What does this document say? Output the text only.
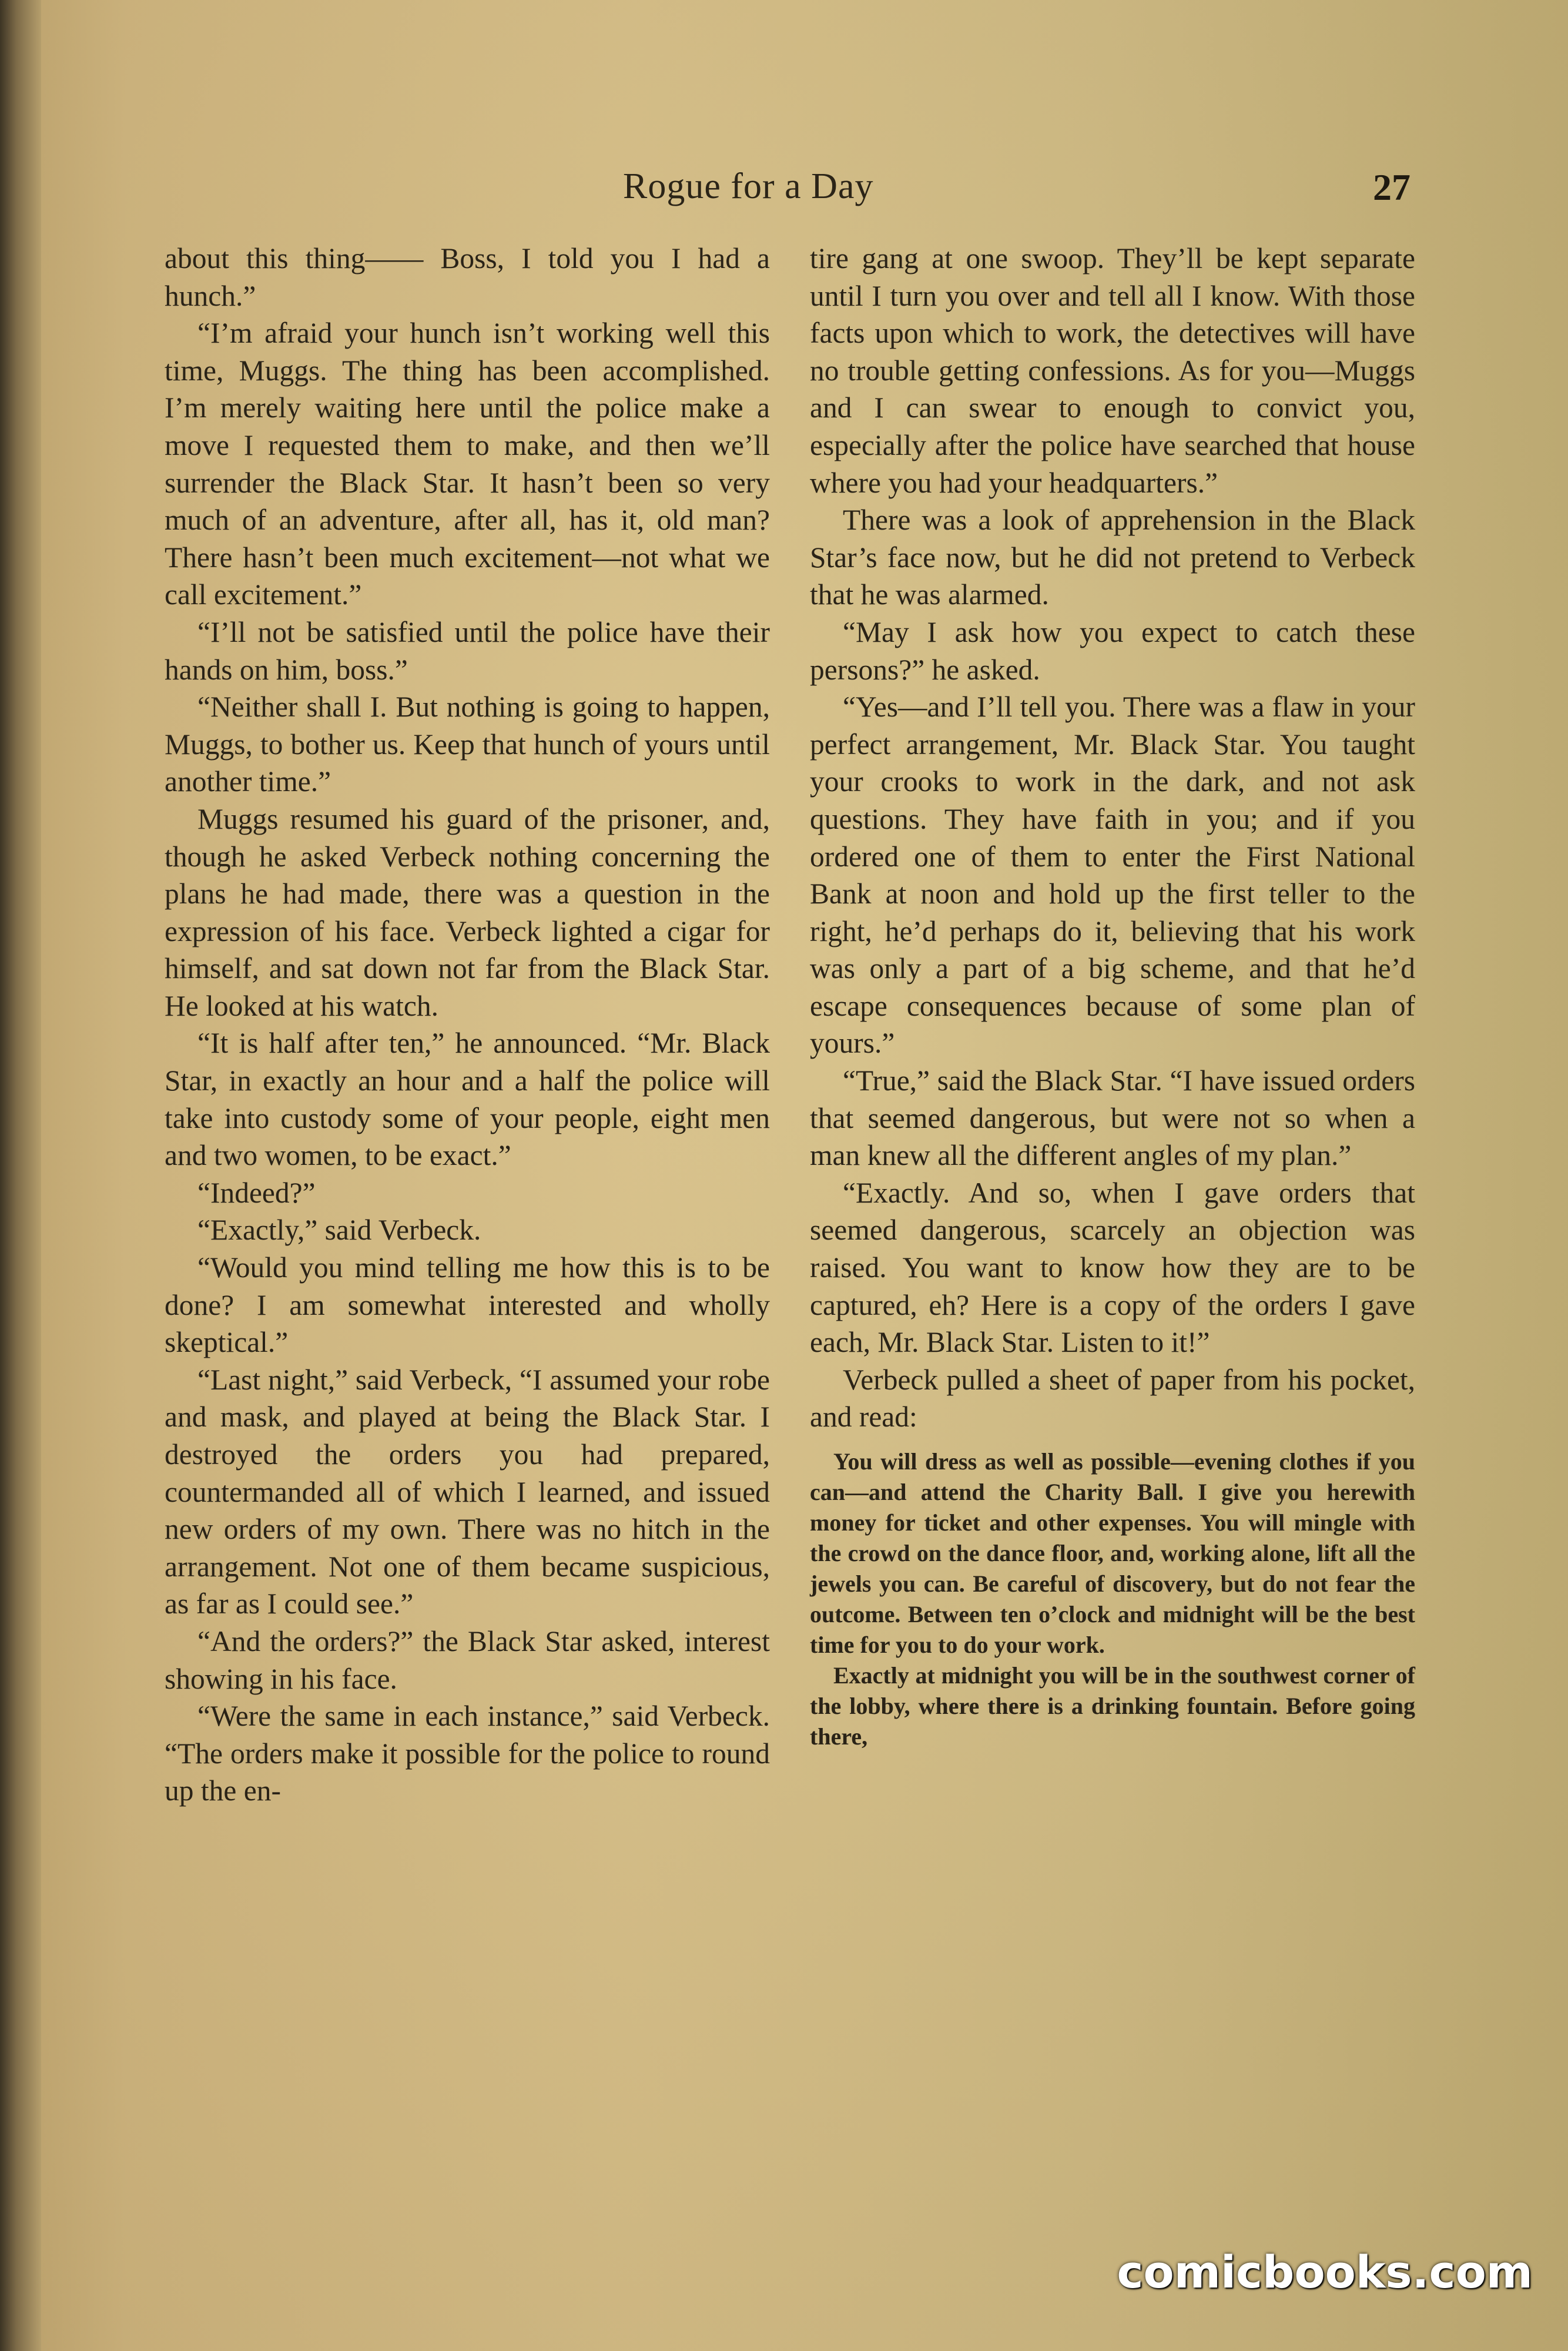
Rogue for a Day	27

about this thing—— Boss, I told you I had a hunch.”

“I’m afraid your hunch isn’t working well this time, Muggs. The thing has been accomplished. I’m merely waiting here until the police make a move I requested them to make, and then we’ll surrender the Black Star. It hasn’t been so very much of an adventure, after all, has it, old man? There hasn’t been much excitement—not what we call excitement.”

“I’ll not be satisfied until the police have their hands on him, boss.”

“Neither shall I. But nothing is going to happen, Muggs, to bother us. Keep that hunch of yours until another time.”

Muggs resumed his guard of the prisoner, and, though he asked Verbeck nothing concerning the plans he had made, there was a question in the expression of his face. Verbeck lighted a cigar for himself, and sat down not far from the Black Star. He looked at his watch.

“It is half after ten,” he announced. “Mr. Black Star, in exactly an hour and a half the police will take into custody some of your people, eight men and two women, to be exact.”

“Indeed?”

“Exactly,” said Verbeck.

“Would you mind telling me how this is to be done? I am somewhat interested and wholly skeptical.”

“Last night,” said Verbeck, “I assumed your robe and mask, and played at being the Black Star. I destroyed the orders you had prepared, countermanded all of which I learned, and issued new orders of my own. There was no hitch in the arrangement. Not one of them became suspicious, as far as I could see.”

“And the orders?” the Black Star asked, interest showing in his face.

“Were the same in each instance,” said Verbeck. “The orders make it possible for the police to round up the en-

tire gang at one swoop. They’ll be kept separate until I turn you over and tell all I know. With those facts upon which to work, the detectives will have no trouble getting confessions. As for you—Muggs and I can swear to enough to convict you, especially after the police have searched that house where you had your headquarters.”

There was a look of apprehension in the Black Star’s face now, but he did not pretend to Verbeck that he was alarmed.

“May I ask how you expect to catch these persons?” he asked.

“Yes—and I’ll tell you. There was a flaw in your perfect arrangement, Mr. Black Star. You taught your crooks to work in the dark, and not ask questions. They have faith in you; and if you ordered one of them to enter the First National Bank at noon and hold up the first teller to the right, he’d perhaps do it, believing that his work was only a part of a big scheme, and that he’d escape consequences because of some plan of yours.”

“True,” said the Black Star. “I have issued orders that seemed dangerous, but were not so when a man knew all the different angles of my plan.”

“Exactly. And so, when I gave orders that seemed dangerous, scarcely an objection was raised. You want to know how they are to be captured, eh? Here is a copy of the orders I gave each, Mr. Black Star. Listen to it!”

Verbeck pulled a sheet of paper from his pocket, and read:

You will dress as well as possible—evening clothes if you can—and attend the Charity Ball. I give you herewith money for ticket and other expenses. You will mingle with the crowd on the dance floor, and, working alone, lift all the jewels you can. Be careful of discovery, but do not fear the outcome. Between ten o’clock and midnight will be the best time for you to do your work.

Exactly at midnight you will be in the southwest corner of the lobby, where there is a drinking fountain. Before going there,

comicbooks.com
